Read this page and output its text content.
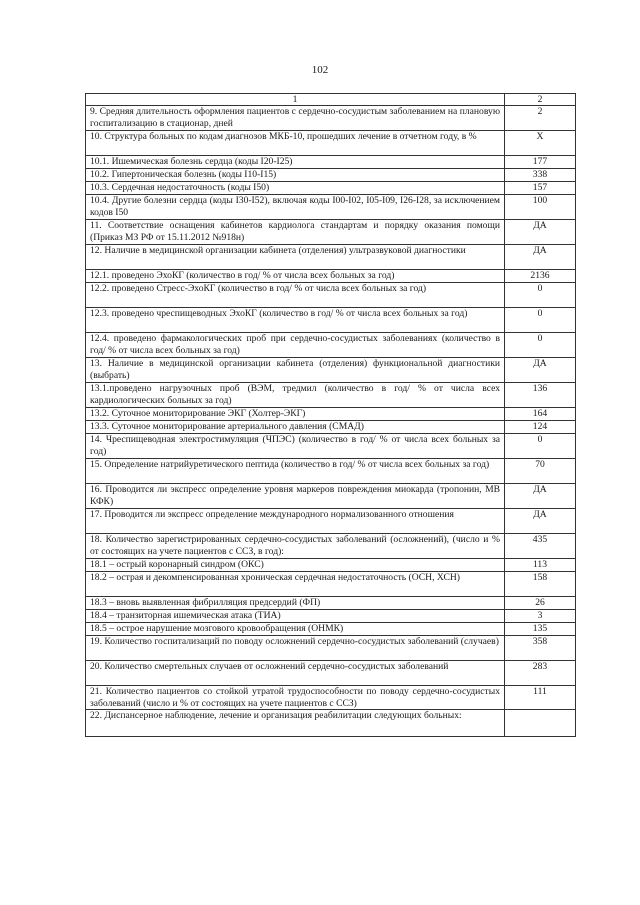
102
1	2
9. Средняя длительность оформления пациентов с сердечно-сосудистым заболеванием на плановую госпитализацию в стационар, дней	2
10. Структура больных по кодам диагнозов МКБ-10, прошедших лечение в отчетном году, в %	Х
10.1. Ишемическая болезнь сердца (коды I20-I25)	177
10.2. Гипертоническая болезнь (коды I10-I15)	338
10.3. Сердечная недостаточность (коды I50)	157
10.4. Другие болезни сердца (коды I30-I52), включая коды I00-I02, I05-I09, I26-I28, за исключением кодов I50	100
11. Соответствие оснащения кабинетов кардиолога стандартам и порядку оказания помощи (Приказ МЗ РФ от 15.11.2012 №918н)	ДА
12. Наличие в медицинской организации кабинета (отделения) ультразвуковой диагностики	ДА
12.1. проведено ЭхоКГ (количество в год/ % от числа всех больных за год)	2136
12.2. проведено Стресс-ЭхоКГ (количество в год/ % от числа всех больных за год)	0
12.3. проведено чреспищеводных ЭхоКГ (количество в год/ % от числа всех больных за год)	0
12.4. проведено фармакологических проб при сердечно-сосудистых заболеваниях (количество в год/ % от числа всех больных за год)	0
13. Наличие в медицинской организации кабинета (отделения) функциональной диагностики (выбрать)	ДА
13.1.проведено нагрузочных проб (ВЭМ, тредмил (количество в год/ % от числа всех кардиологических больных за год)	136
13.2. Суточное мониторирование ЭКГ (Холтер-ЭКГ)	164
13.3. Суточное мониторирование артериального давления (СМАД)	124
14. Чреспищеводная электростимуляция (ЧПЭС) (количество в год/ % от числа всех больных за год)	0
15. Определение натрийуретического пептида (количество в год/ % от числа всех больных за год)	70
16. Проводится ли экспресс определение уровня маркеров повреждения миокарда (тропонин, МВ КФК)	ДА
17. Проводится ли экспресс определение международного нормализованного отношения	ДА
18. Количество зарегистрированных сердечно-сосудистых заболеваний (осложнений), (число и % от состоящих на учете пациентов с ССЗ, в год):	435
18.1 – острый коронарный синдром (ОКС)	113
18.2 – острая и декомпенсированная хроническая сердечная недостаточность (ОСН, ХСН)	158
18.3 – вновь выявленная фибрилляция предсердий (ФП)	26
18.4 – транзиторная ишемическая атака (ТИА)	3
18.5 – острое нарушение мозгового кровообращения (ОНМК)	135
19. Количество госпитализаций по поводу осложнений сердечно-сосудистых заболеваний (случаев)	358
20. Количество смертельных случаев от осложнений сердечно-сосудистых заболеваний	283
21. Количество пациентов со стойкой утратой трудоспособности по поводу сердечно-сосудистых заболеваний (число и % от состоящих на учете пациентов с ССЗ)	111
22. Диспансерное наблюдение, лечение и организация реабилитации следующих больных:	
